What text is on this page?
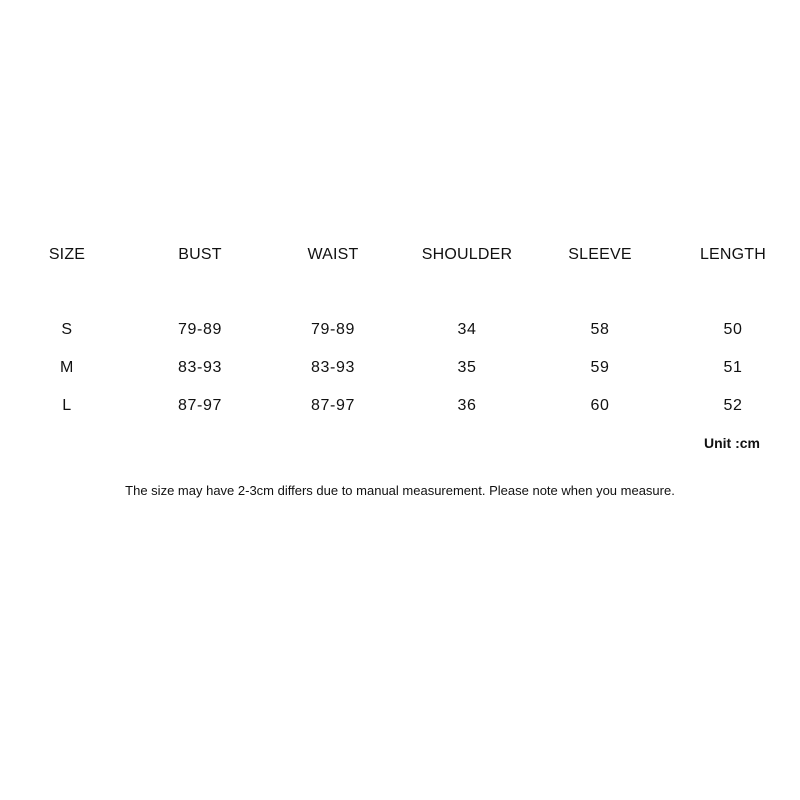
SIZE	BUST	WAIST	SHOULDER	SLEEVE	LENGTH
S	79-89	79-89	34	58	50
M	83-93	83-93	35	59	51
L	87-97	87-97	36	60	52
Unit :cm
The size may have 2-3cm differs due to manual measurement. Please note when you measure.
